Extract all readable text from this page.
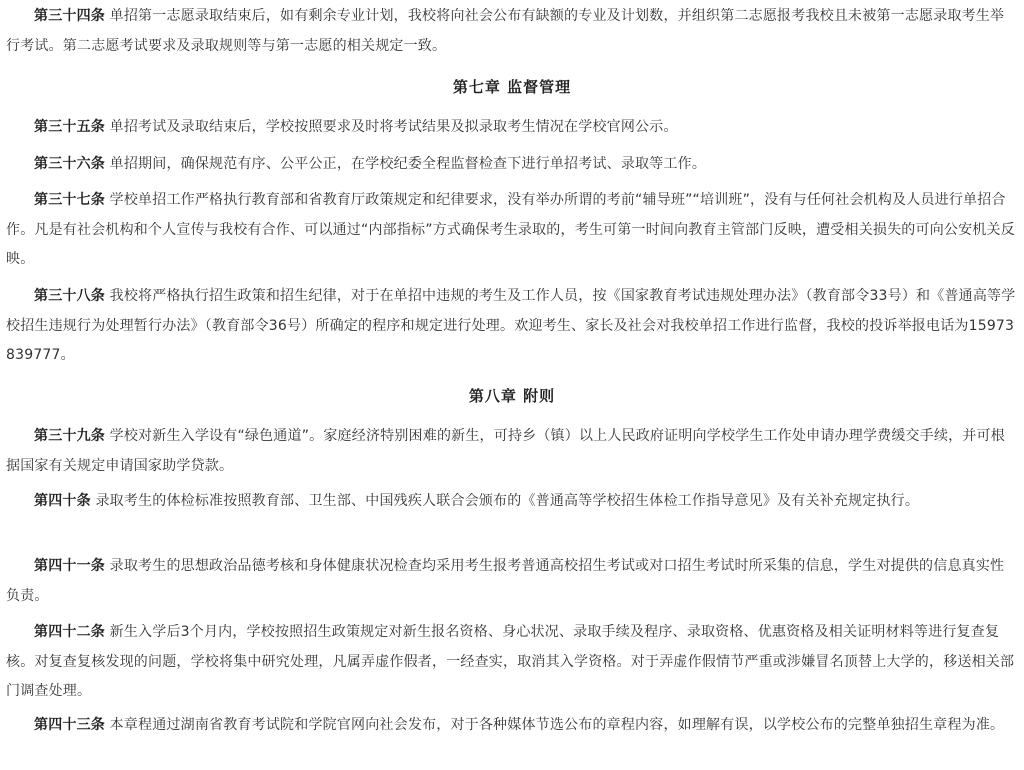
第三十四条 单招第一志愿录取结束后，如有剩余专业计划，我校将向社会公布有缺额的专业及计划数，并组织第二志愿报考我校且未被第一志愿录取考生举行考试。第二志愿考试要求及录取规则等与第一志愿的相关规定一致。

第七章 监督管理

第三十五条 单招考试及录取结束后，学校按照要求及时将考试结果及拟录取考生情况在学校官网公示。

第三十六条 单招期间，确保规范有序、公平公正，在学校纪委全程监督检查下进行单招考试、录取等工作。

第三十七条 学校单招工作严格执行教育部和省教育厅政策规定和纪律要求，没有举办所谓的考前“辅导班”“培训班”，没有与任何社会机构及人员进行单招合作。凡是有社会机构和个人宣传与我校有合作、可以通过“内部指标”方式确保考生录取的，考生可第一时间向教育主管部门反映，遭受相关损失的可向公安机关反映。

第三十八条 我校将严格执行招生政策和招生纪律，对于在单招中违规的考生及工作人员，按《国家教育考试违规处理办法》（教育部令33号）和《普通高等学校招生违规行为处理暂行办法》（教育部令36号）所确定的程序和规定进行处理。欢迎考生、家长及社会对我校单招工作进行监督，我校的投诉举报电话为15973839777。

第八章 附则

第三十九条 学校对新生入学设有“绿色通道”。家庭经济特别困难的新生，可持乡（镇）以上人民政府证明向学校学生工作处申请办理学费缓交手续，并可根据国家有关规定申请国家助学贷款。

第四十条 录取考生的体检标准按照教育部、卫生部、中国残疾人联合会颁布的《普通高等学校招生体检工作指导意见》及有关补充规定执行。

第四十一条 录取考生的思想政治品德考核和身体健康状况检查均采用考生报考普通高校招生考试或对口招生考试时所采集的信息，学生对提供的信息真实性负责。

第四十二条 新生入学后3个月内，学校按照招生政策规定对新生报名资格、身心状况、录取手续及程序、录取资格、优惠资格及相关证明材料等进行复查复核。对复查复核发现的问题，学校将集中研究处理，凡属弄虚作假者，一经查实，取消其入学资格。对于弄虚作假情节严重或涉嫌冒名顶替上大学的，移送相关部门调查处理。

第四十三条 本章程通过湖南省教育考试院和学院官网向社会发布，对于各种媒体节选公布的章程内容，如理解有误，以学校公布的完整单独招生章程为准。
